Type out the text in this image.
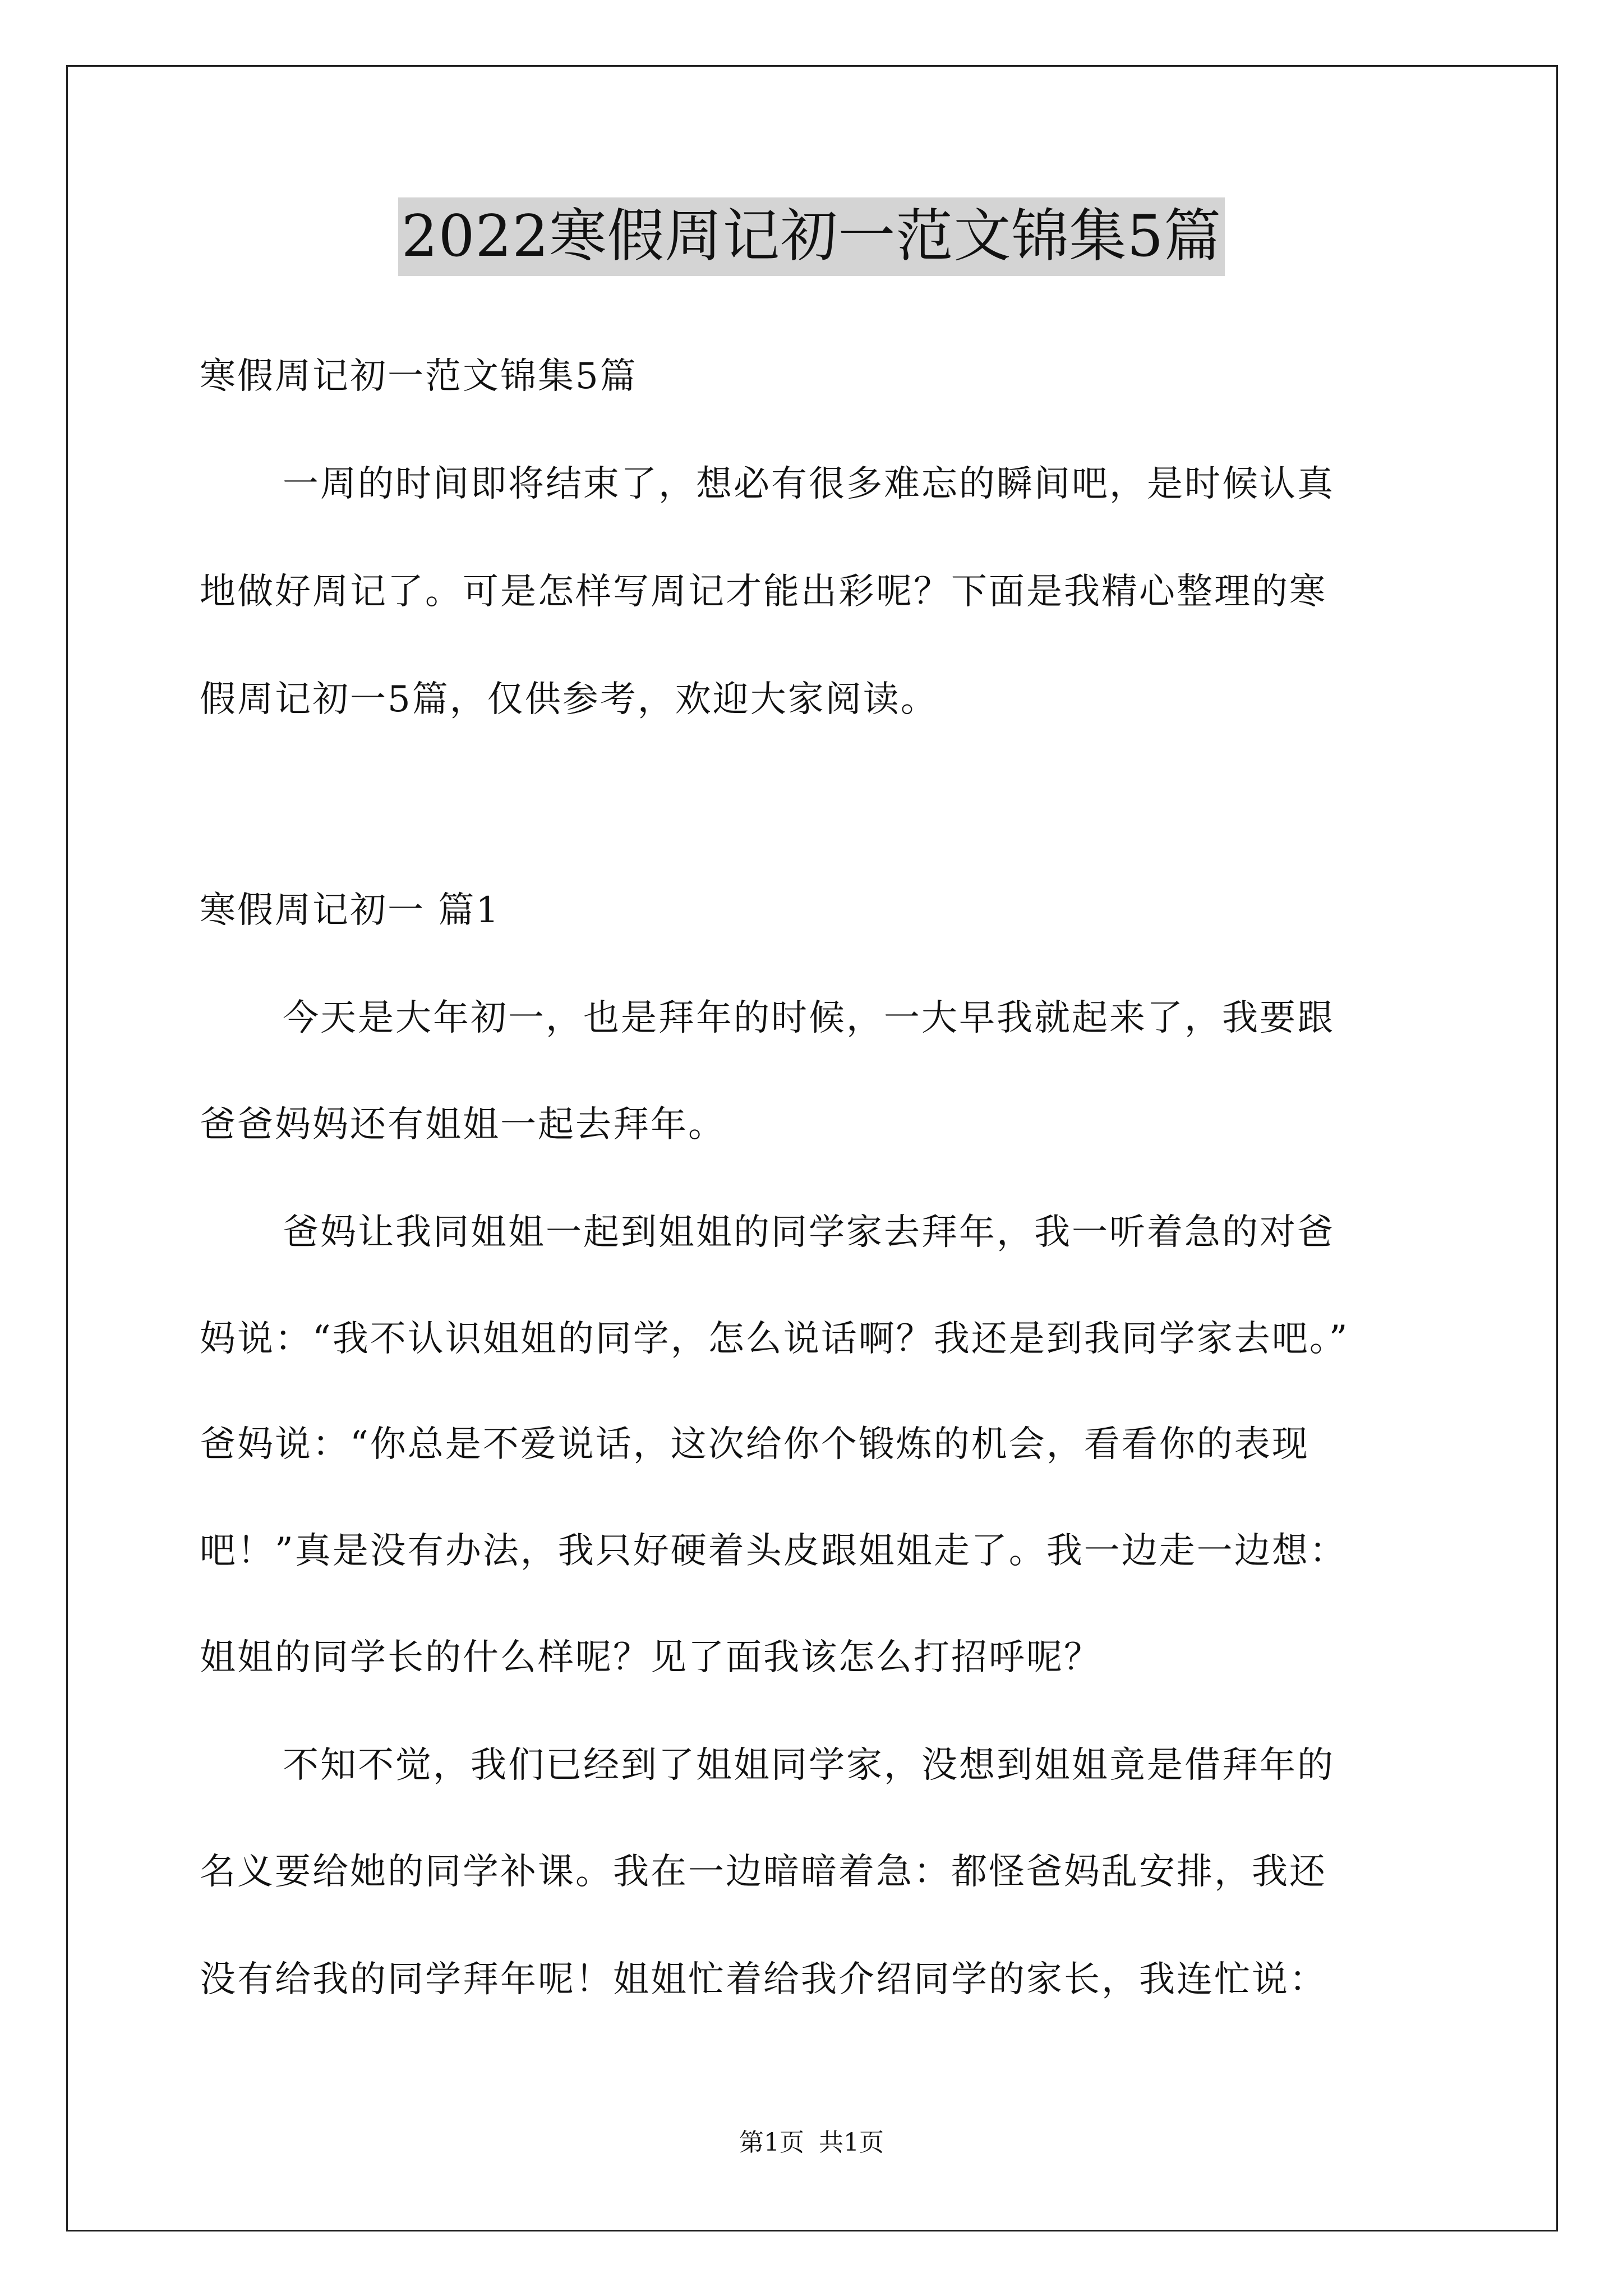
2022寒假周记初一范文锦集5篇
寒假周记初一范文锦集5篇
一周的时间即将结束了，想必有很多难忘的瞬间吧，是时候认真
地做好周记了。可是怎样写周记才能出彩呢？下面是我精心整理的寒
假周记初一5篇，仅供参考，欢迎大家阅读。
寒假周记初一 篇1
今天是大年初一，也是拜年的时候，一大早我就起来了，我要跟
爸爸妈妈还有姐姐一起去拜年。
爸妈让我同姐姐一起到姐姐的同学家去拜年，我一听着急的对爸
妈说：“我不认识姐姐的同学，怎么说话啊？我还是到我同学家去吧。”
爸妈说：“你总是不爱说话，这次给你个锻炼的机会，看看你的表现
吧！”真是没有办法，我只好硬着头皮跟姐姐走了。我一边走一边想：
姐姐的同学长的什么样呢？见了面我该怎么打招呼呢？
不知不觉，我们已经到了姐姐同学家，没想到姐姐竟是借拜年的
名义要给她的同学补课。我在一边暗暗着急：都怪爸妈乱安排，我还
没有给我的同学拜年呢！姐姐忙着给我介绍同学的家长，我连忙说：
第1页 共1页
